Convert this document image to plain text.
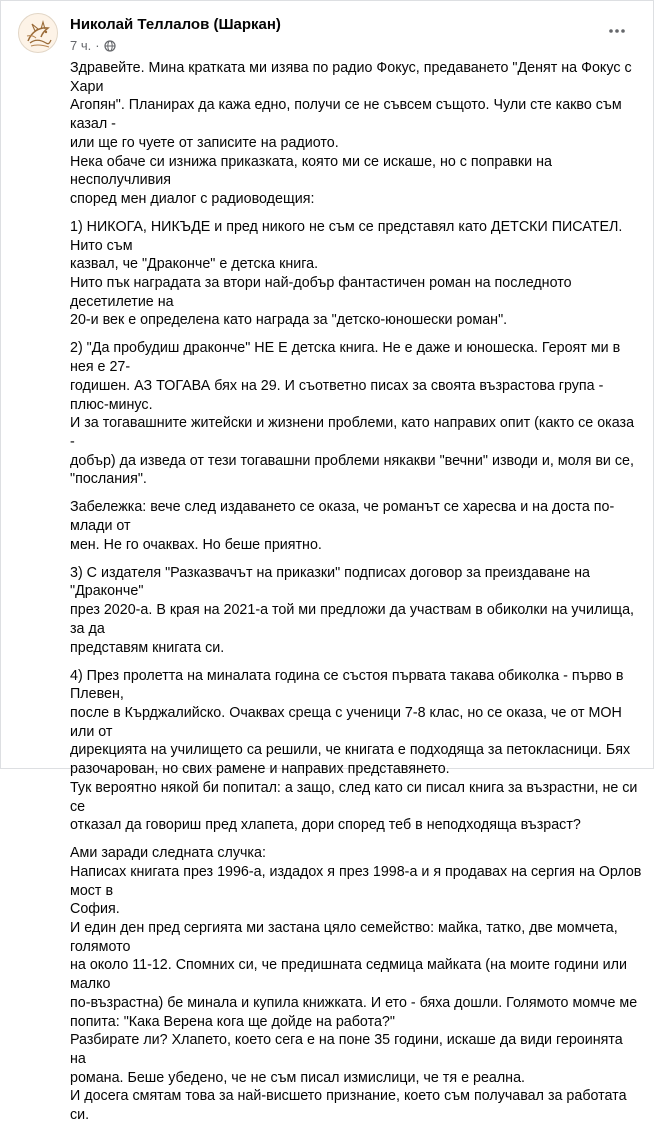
Николай Теллалов (Шаркан)
7 ч. ·

Здравейте. Мина кратката ми изява по радио Фокус, предаването "Денят на Фокус с Хари
Агопян". Планирах да кажа едно, получи се не съвсем същото. Чули сте какво съм казал -
или ще го чуете от записите на радиото.
Нека обаче си изнижа приказката, която ми се искаше, но с поправки на несполучливия
според мен диалог с радиоводещия:

1) НИКОГА, НИКЪДЕ и пред никого не съм се представял като ДЕТСКИ ПИСАТЕЛ. Нито съм
казвал, че "Дракончe" е детска книга.
Нито пък наградата за втори най-добър фантастичен роман на последното десетилетие на
20-и век е определена като награда за "детско-юношески роман".

2) "Да пробудиш дракончe" НЕ Е детска книга. Не е даже и юношеска. Героят ми в нея е 27-
годишен. АЗ ТОГАВА бях на 29. И съответно писах за своята възрастова група - плюс-минус.
И за тогавашните житейски и жизнени проблеми, като направих опит (както се оказа -
добър) да изведа от тези тогавашни проблеми някакви "вечни" изводи и, моля ви се,
"послания".

Забележка: вече след издаването се оказа, че романът се харесва и на доста по-млади от
мен. Не го очаквах. Но беше приятно.

3) С издателя "Разказвачът на приказки" подписах договор за преиздаване на "Драконче"
през 2020-а. В края на 2021-а той ми предложи да участвам в обиколки на училища, за да
представям книгата си.

4) През пролетта на миналата година се състоя първата такава обиколка - първо в Плевен,
после в Кърджалийско. Очаквах среща с ученици 7-8 клас, но се оказа, че от МОН или от
дирекцията на училището са решили, че книгата е подходяща за петокласници. Бях
разочарован, но свих рамене и направих представянето.
Тук вероятно някой би попитал: а защо, след като си писал книга за възрастни, не си се
отказал да говориш пред хлапета, дори според теб в неподходяща възраст?

Ами заради следната случка:
Написах книгата през 1996-а, издадох я през 1998-а и я продавах на сергия на Орлов мост в
София.
И един ден пред сергията ми застана цяло семейство: майка, татко, две момчета, голямото
на около 11-12. Спомних си, че предишната седмица майката (на моите години или малко
по-възрастна) бе минала и купила книжката. И ето - бяха дошли. Голямото момче ме
попита: "Кака Верена кога ще дойде на работа?"
Разбирате ли? Хлапето, което сега е на поне 35 години, искаше да види героинята на
романа. Беше убедено, че не съм писал измислици, че тя е реална.
И досега смятам това за най-висшето признание, което съм получавал за работата си.
